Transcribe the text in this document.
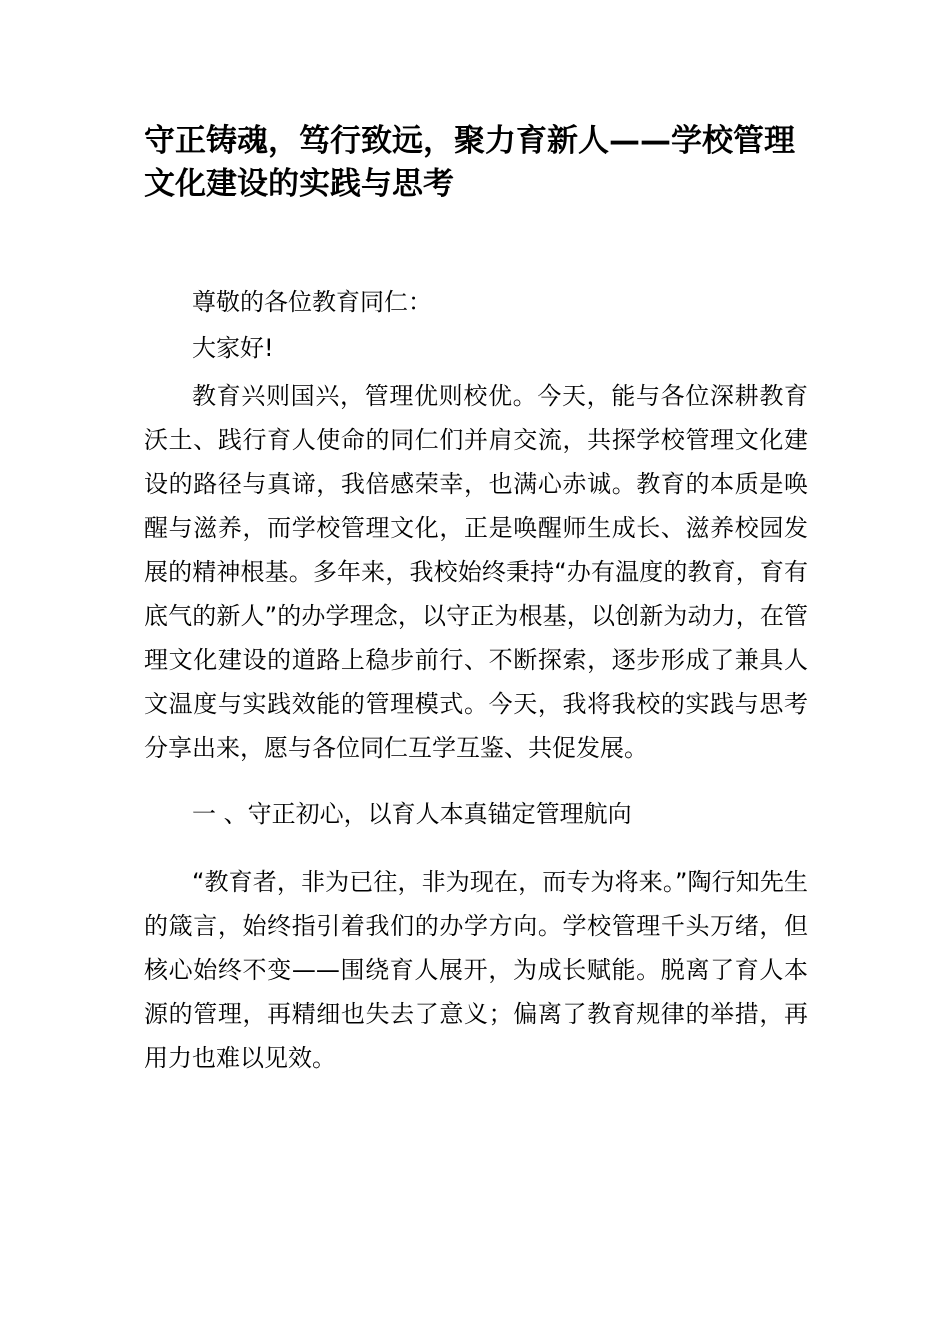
守正铸魂，笃行致远，聚力育新人——学校管理文化建设的实践与思考

尊敬的各位教育同仁：

大家好!

教育兴则国兴，管理优则校优。今天，能与各位深耕教育沃土、践行育人使命的同仁们并肩交流，共探学校管理文化建设的路径与真谛，我倍感荣幸，也满心赤诚。教育的本质是唤醒与滋养，而学校管理文化，正是唤醒师生成长、滋养校园发展的精神根基。多年来，我校始终秉持“办有温度的教育，育有底气的新人”的办学理念，以守正为根基，以创新为动力，在管理文化建设的道路上稳步前行、不断探索，逐步形成了兼具人文温度与实践效能的管理模式。今天，我将我校的实践与思考分享出来，愿与各位同仁互学互鉴、共促发展。

一 、守正初心，以育人本真锚定管理航向

“教育者，非为已往，非为现在，而专为将来。”陶行知先生的箴言，始终指引着我们的办学方向。学校管理千头万绪，但核心始终不变——围绕育人展开，为成长赋能。脱离了育人本源的管理，再精细也失去了意义；偏离了教育规律的举措，再用力也难以见效。
